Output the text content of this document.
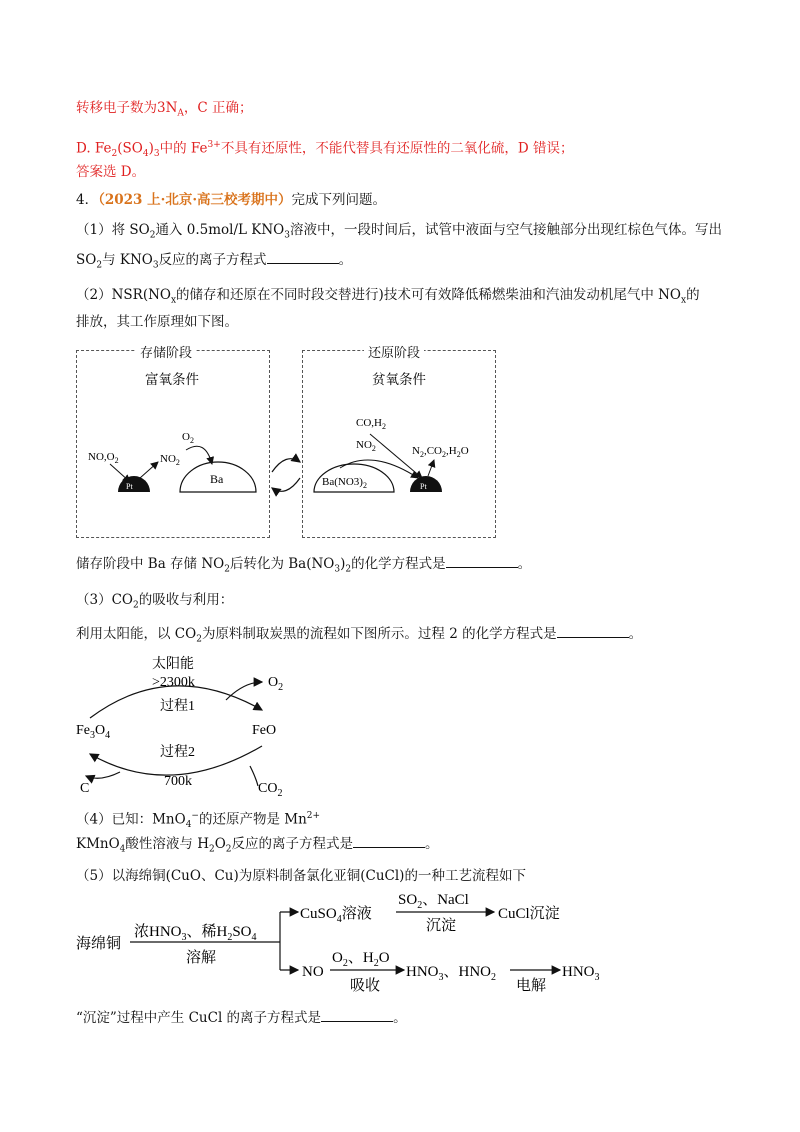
转移电子数为$3N_A$，C 正确；
D. $Fe_2(SO_4)_3$中的 $Fe^{3+}$不具有还原性，不能代替具有还原性的二氧化硫，D 错误；
答案选 D。
4．（2023 上·北京·高三校考期中）完成下列问题。
（1）将 $SO_2$通入 0.5mol/L $KNO_3$溶液中，一段时间后，试管中液面与空气接触部分出现红棕色气体。写出
$SO_2$与 $KNO_3$反应的离子方程式	。
$(2)NSR(NO_x$的储存和还原在不同时段交替进行)技术可有效降低稀燃柴油和汽油发动机尾气中 $NO_x$的
排放，其工作原理如下图。
存储阶段	还原阶段
富氧条件	贫氧条件
Pt
Ba
$NO,O_2$	$NO_2$
$O_2$
$Ba(NO3)_2$	Pt
$CO,H_2$
$NO_2$	$N_2,CO_2,H_2O$
储存阶段中 Ba 存储 $NO_2$后转化为 $Ba(NO_3)_2$的化学方程式是	。
$(3)CO_2$的吸收与利用：
利用太阳能，以 $CO_2$为原料制取炭黑的流程如下图所示。过程 2 的化学方程式是	。
太阳能
>2300k	$O_2$
过程1
$Fe_3O_4$	FeO
过程2
C	700k	$CO_2$
（4）已知：MnO$_4$−的还原产物是 $Mn^{2+}$
KMnO$_4$酸性溶液与 $H_2O_2$反应的离子方程式是	。
（5）以海绵铜(CuO、Cu)为原料制备氯化亚铜(CuCl)的一种工艺流程如下
海绵铜
浓$HNO_3$、稀$H_2SO_4$
溶解
CuSO$_4$溶液
$SO_2$、NaCl
沉淀
CuCl沉淀
NO
$O_2$、$H_2O$
吸收
$HNO_3$、$HNO_2$
电解
$HNO_3$
“沉淀”过程中产生 CuCl 的离子方程式是	。
